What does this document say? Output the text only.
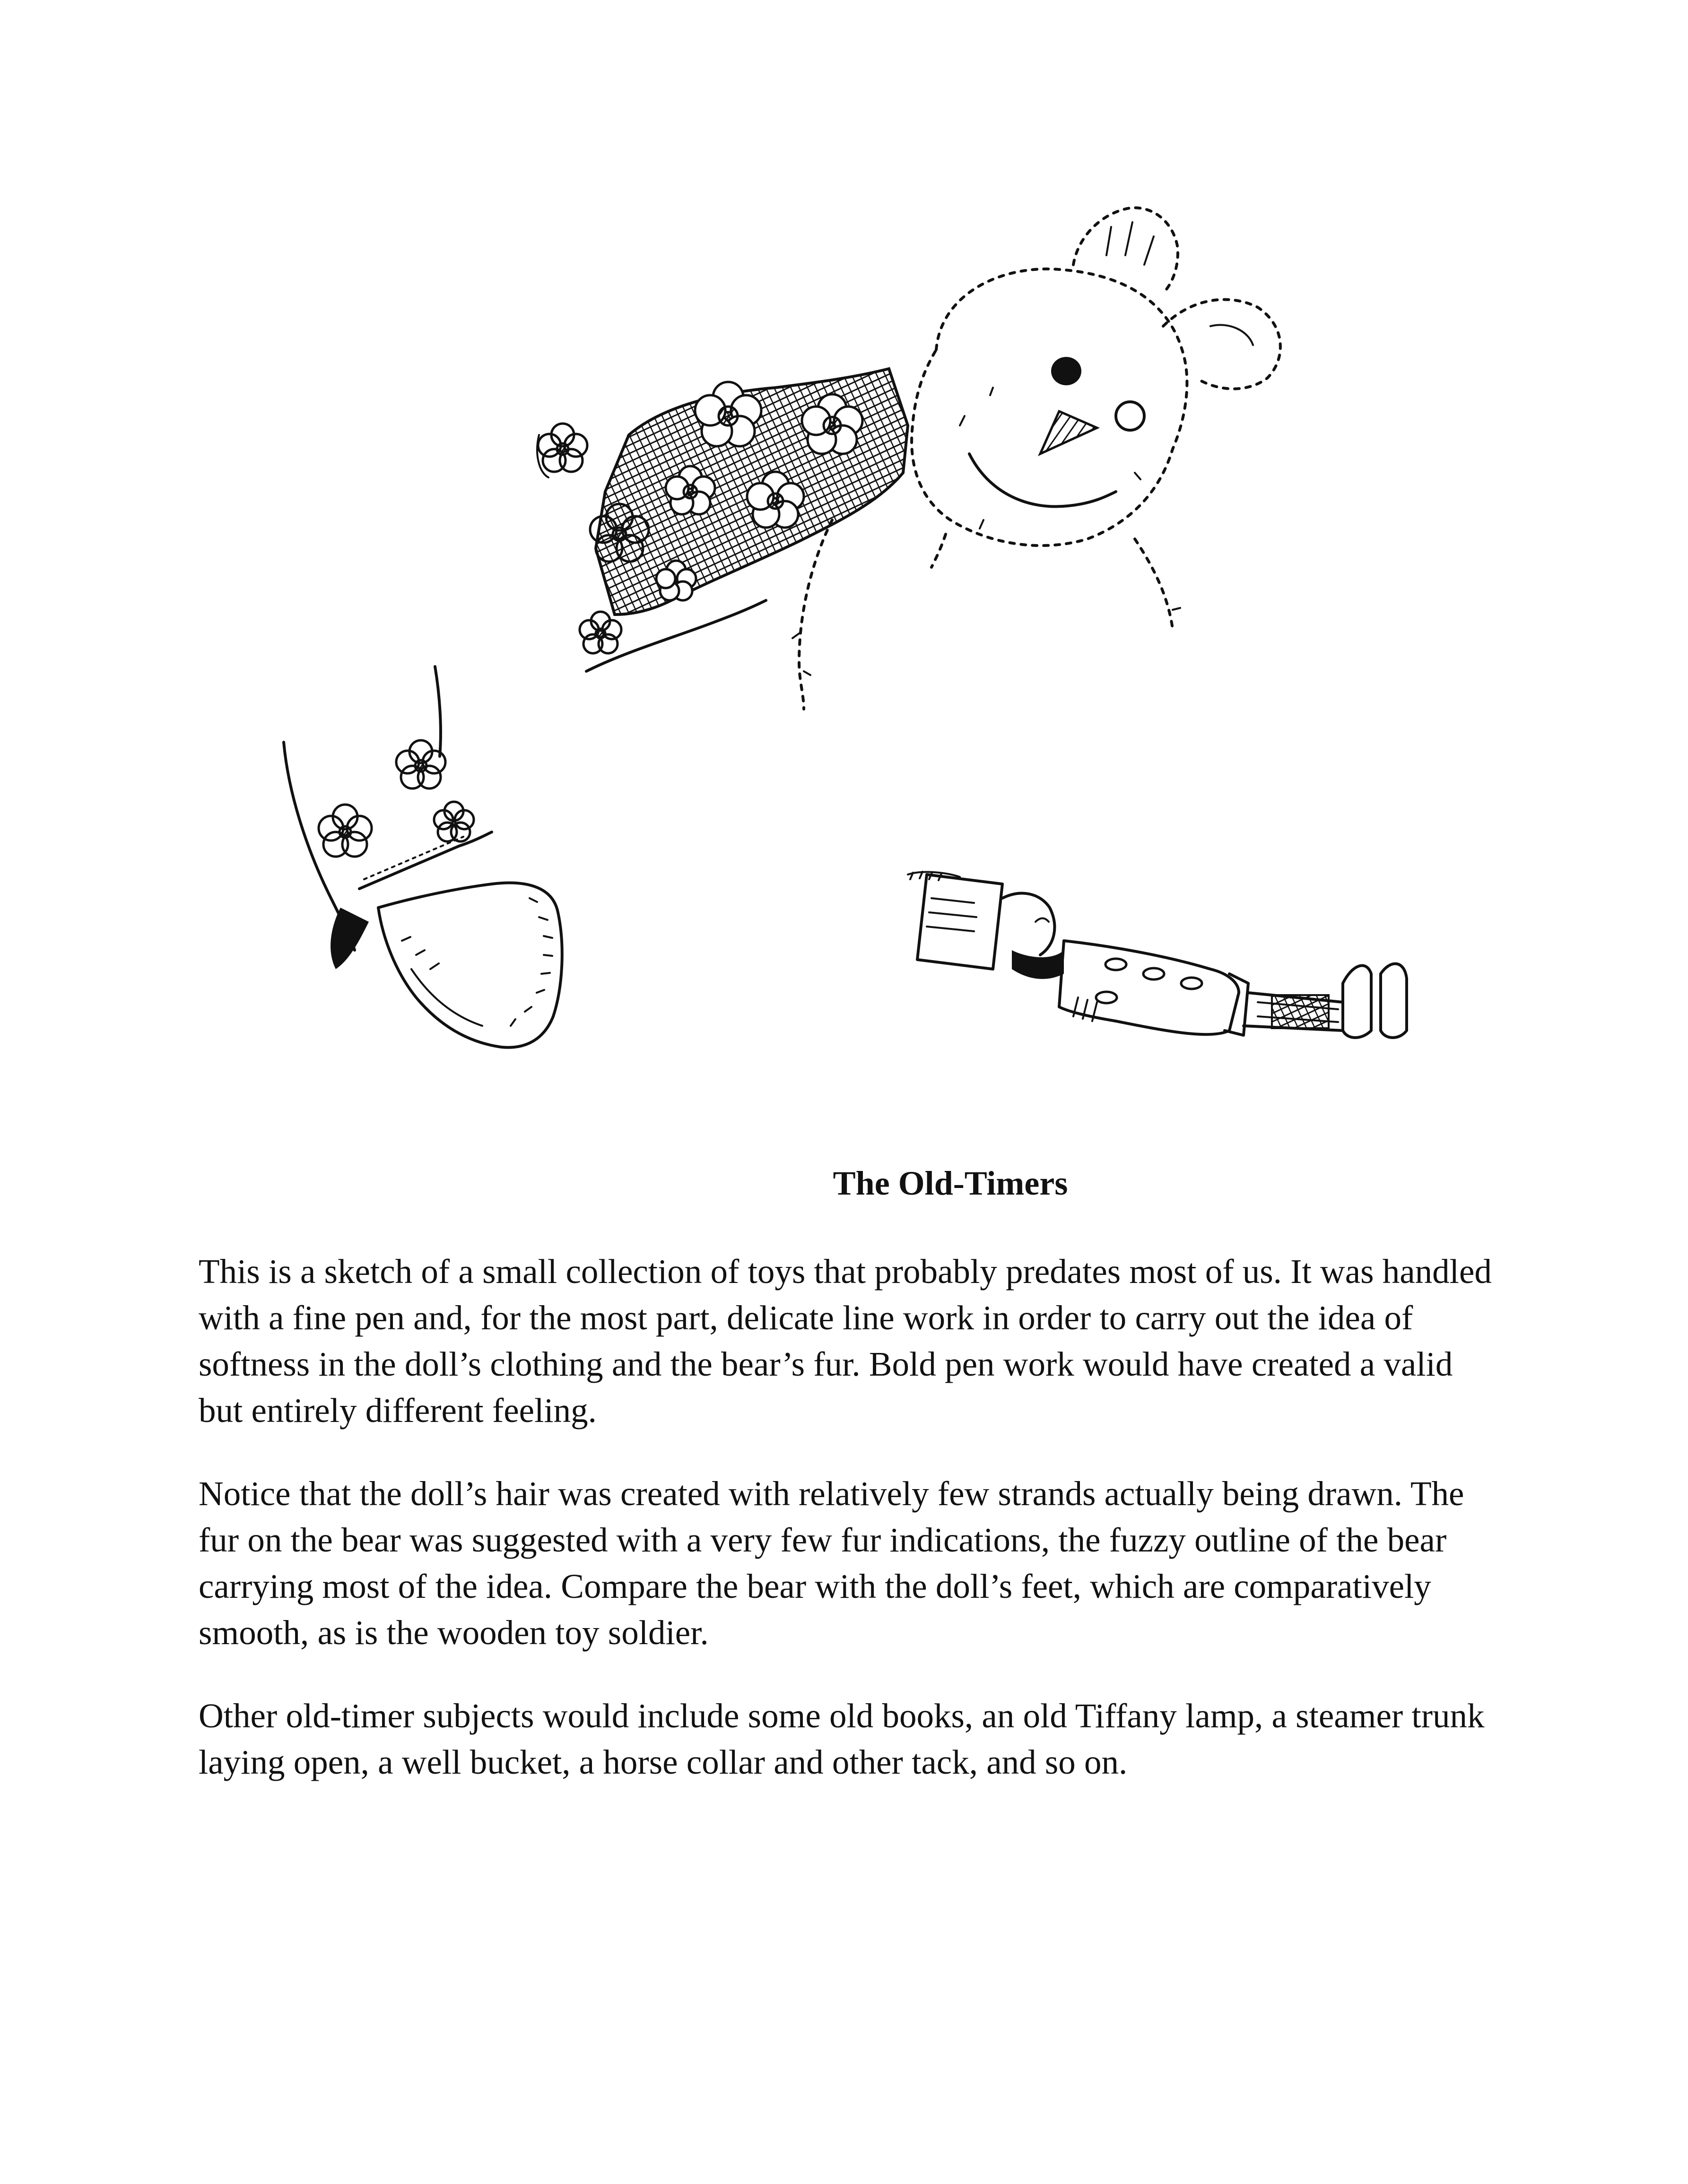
The Old-Timers

This is a sketch of a small collection of toys that probably predates most of us. It was handled with a fine pen and, for the most part, delicate line work in order to carry out the idea of softness in the doll’s clothing and the bear’s fur. Bold pen work would have created a valid but entirely different feeling.

Notice that the doll’s hair was created with relatively few strands actually being drawn. The fur on the bear was suggested with a very few fur indications, the fuzzy outline of the bear carrying most of the idea. Compare the bear with the doll’s feet, which are comparatively smooth, as is the wooden toy soldier.

Other old-timer subjects would include some old books, an old Tiffany lamp, a steamer trunk laying open, a well bucket, a horse collar and other tack, and so on.
